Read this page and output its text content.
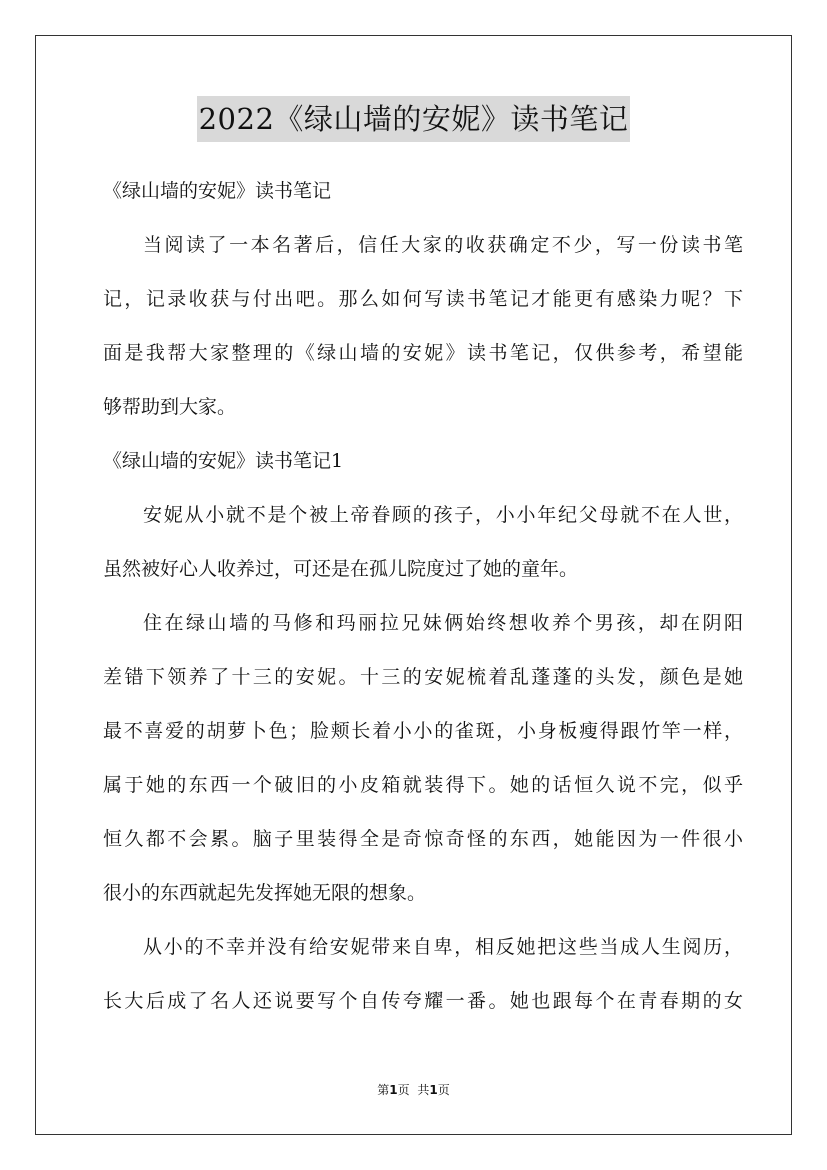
2022《绿山墙的安妮》读书笔记
《绿山墙的安妮》读书笔记
当阅读了一本名著后，信任大家的收获确定不少，写一份读书笔
记，记录收获与付出吧。那么如何写读书笔记才能更有感染力呢？下
面是我帮大家整理的《绿山墙的安妮》读书笔记，仅供参考，希望能
够帮助到大家。
《绿山墙的安妮》读书笔记1
安妮从小就不是个被上帝眷顾的孩子，小小年纪父母就不在人世，
虽然被好心人收养过，可还是在孤儿院度过了她的童年。
住在绿山墙的马修和玛丽拉兄妹俩始终想收养个男孩，却在阴阳
差错下领养了十三的安妮。十三的安妮梳着乱蓬蓬的头发，颜色是她
最不喜爱的胡萝卜色；脸颊长着小小的雀斑，小身板瘦得跟竹竿一样，
属于她的东西一个破旧的小皮箱就装得下。她的话恒久说不完，似乎
恒久都不会累。脑子里装得全是奇惊奇怪的东西，她能因为一件很小
很小的东西就起先发挥她无限的想象。
从小的不幸并没有给安妮带来自卑，相反她把这些当成人生阅历，
长大后成了名人还说要写个自传夸耀一番。她也跟每个在青春期的女
第1页 共1页
